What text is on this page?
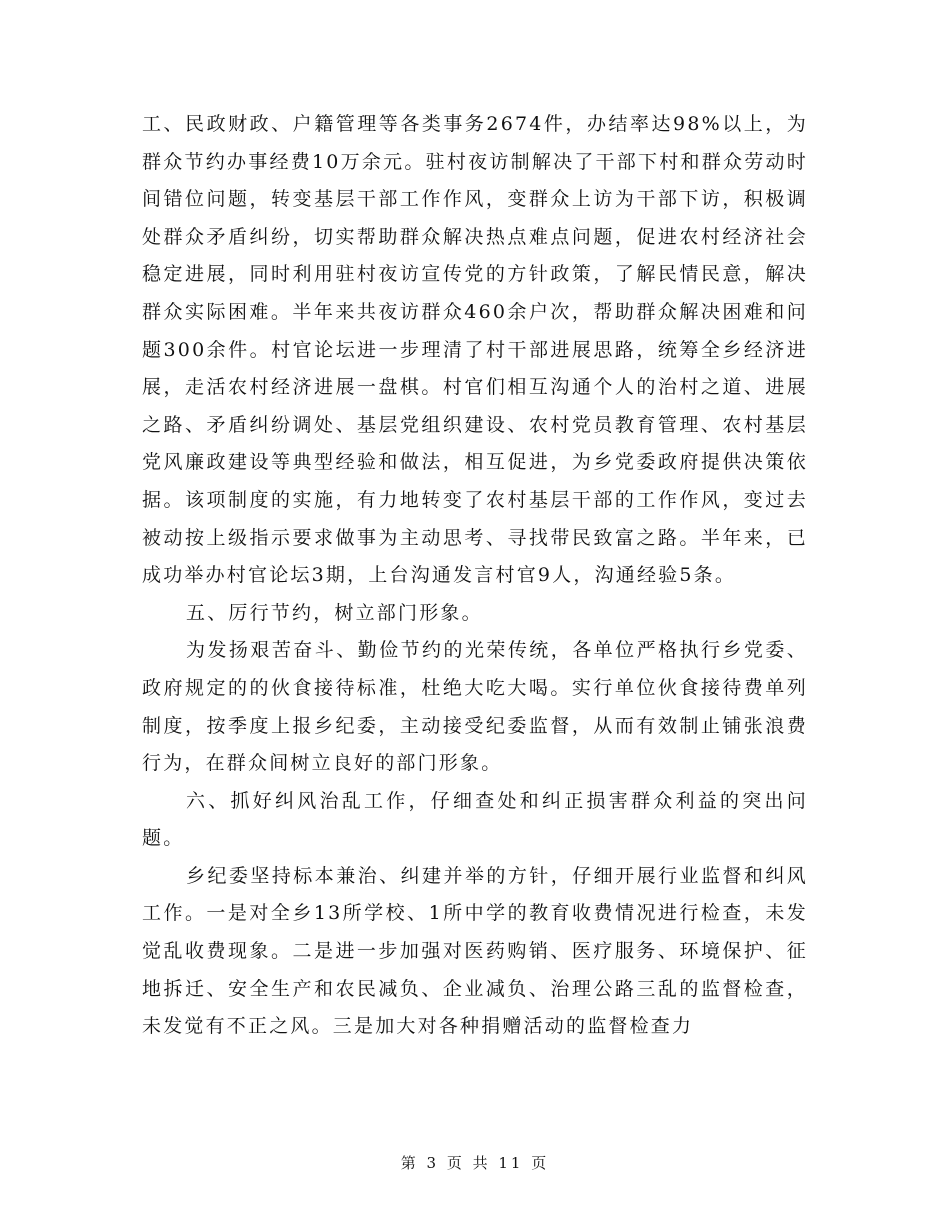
工、民政财政、户籍管理等各类事务2674件，办结率达98%以上，为群众节约办事经费10万余元。驻村夜访制解决了干部下村和群众劳动时间错位问题，转变基层干部工作作风，变群众上访为干部下访，积极调处群众矛盾纠纷，切实帮助群众解决热点难点问题，促进农村经济社会稳定进展，同时利用驻村夜访宣传党的方针政策，了解民情民意，解决群众实际困难。半年来共夜访群众460余户次，帮助群众解决困难和问题300余件。村官论坛进一步理清了村干部进展思路，统筹全乡经济进展，走活农村经济进展一盘棋。村官们相互沟通个人的治村之道、进展之路、矛盾纠纷调处、基层党组织建设、农村党员教育管理、农村基层党风廉政建设等典型经验和做法，相互促进，为乡党委政府提供决策依据。该项制度的实施，有力地转变了农村基层干部的工作作风，变过去被动按上级指示要求做事为主动思考、寻找带民致富之路。半年来，已成功举办村官论坛3期，上台沟通发言村官9人，沟通经验5条。

五、厉行节约，树立部门形象。

为发扬艰苦奋斗、勤俭节约的光荣传统，各单位严格执行乡党委、政府规定的的伙食接待标准，杜绝大吃大喝。实行单位伙食接待费单列制度，按季度上报乡纪委，主动接受纪委监督，从而有效制止铺张浪费行为，在群众间树立良好的部门形象。

六、抓好纠风治乱工作，仔细查处和纠正损害群众利益的突出问题。

乡纪委坚持标本兼治、纠建并举的方针，仔细开展行业监督和纠风工作。一是对全乡13所学校、1所中学的教育收费情况进行检查，未发觉乱收费现象。二是进一步加强对医药购销、医疗服务、环境保护、征地拆迁、安全生产和农民减负、企业减负、治理公路三乱的监督检查，未发觉有不正之风。三是加大对各种捐赠活动的监督检查力

第 3 页 共 11 页
